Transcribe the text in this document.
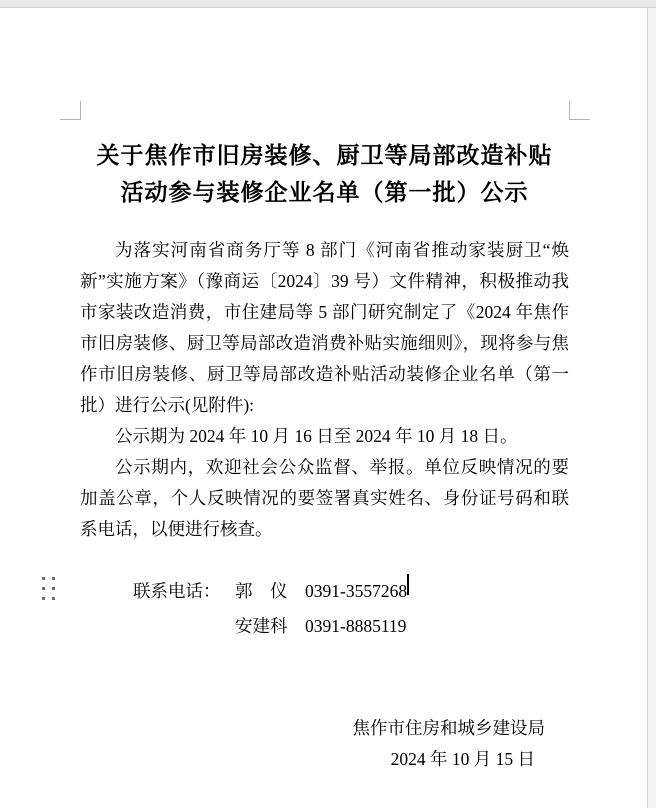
关于焦作市旧房装修、厨卫等局部改造补贴
活动参与装修企业名单（第一批）公示

为落实河南省商务厅等 8 部门《河南省推动家装厨卫“焕新”实施方案》（豫商运〔2024〕39 号）文件精神，积极推动我市家装改造消费，市住建局等 5 部门研究制定了《2024 年焦作市旧房装修、厨卫等局部改造消费补贴实施细则》，现将参与焦作市旧房装修、厨卫等局部改造补贴活动装修企业名单（第一批）进行公示(见附件):

公示期为 2024 年 10 月 16 日至 2024 年 10 月 18 日。

公示期内，欢迎社会公众监督、举报。单位反映情况的要加盖公章，个人反映情况的要签署真实姓名、身份证号码和联系电话，以便进行核查。

联系电话： 郭　仪	0391-3557268
安建科	0391-8885119
焦作市住房和城乡建设局
2024 年 10 月 15 日
